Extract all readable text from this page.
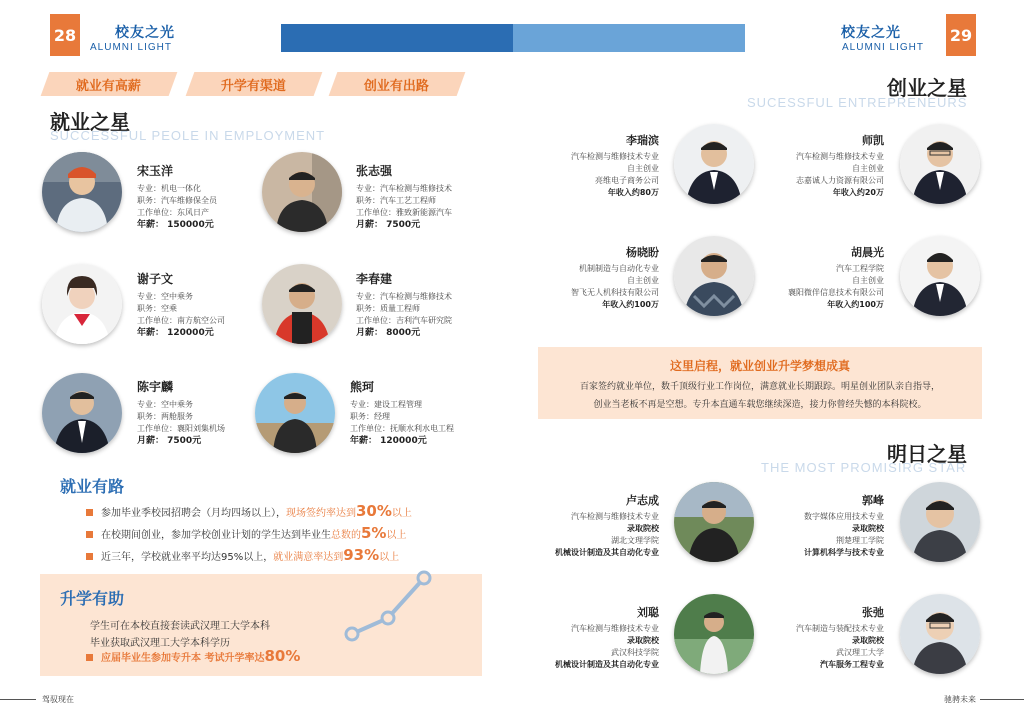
28	校友之光
ALUMNI LIGHT
校友之光
ALUMNI LIGHT
29
就业有高薪	升学有渠道	创业有出路
就业之星
SUCCESSFUL PEOLE IN EMPLOYMENT
宋玉洋
专业：机电一体化
职务：汽车维修保全员
工作单位：东风日产
年薪： 150000元
张志强
专业：汽车检测与维修技术
职务：汽车工艺工程师
工作单位：雅致新能源汽车
月薪： 7500元
谢子文
专业：空中乘务
职务：空乘
工作单位：南方航空公司
年薪： 120000元
李春建
专业：汽车检测与维修技术
职务：质量工程师
工作单位：吉利汽车研究院
月薪： 8000元
陈宇麟
专业：空中乘务
职务：两舱服务
工作单位：襄阳刘集机场
月薪： 7500元
熊珂
专业：建设工程管理
职务：经理
工作单位：抚顺水利水电工程
年薪： 120000元
就业有路
参加毕业季校园招聘会（月均四场以上）， 现场签约率达到 30% 以上
在校期间创业，参加学校创业计划的学生达到毕业生 总数的 5% 以上
近三年，学校就业率平均达95%以上， 就业满意率达到 93% 以上
升学有助
学生可在本校直接套读武汉理工大学本科
毕业获取武汉理工大学本科学历
应届毕业生参加专升本 考试升学率达 80%
创业之星
SUCESSFUL ENTREPRENEURS
李瑞滨
汽车检测与维修技术专业
自主创业
亮维电子商务公司
年收入约80万
师凯
汽车检测与维修技术专业
自主创业
志嘉诚人力资源有限公司
年收入约20万
杨晓盼
机制制造与自动化专业
自主创业
智飞无人机科技有限公司
年收入约100万
胡晨光
汽车工程学院
自主创业
襄阳微伴信息技术有限公司
年收入约100万
这里启程，就业创业升学梦想成真
百家签约就业单位，数千顶级行业工作岗位，满意就业长期跟踪。明星创业团队亲自指导，
创业当老板不再是空想。专升本直通车载您继续深造，接力你曾经失憾的本科院校。
明日之星
THE MOST PROMISIRG STAR
卢志成
汽车检测与维修技术专业
录取院校
湖北文理学院
机械设计制造及其自动化专业
郭峰
数字媒体应用技术专业
录取院校
荆楚理工学院
计算机科学与技术专业
刘聪
汽车检测与维修技术专业
录取院校
武汉科技学院
机械设计制造及其自动化专业
张弛
汽车制造与装配技术专业
录取院校
武汉理工大学
汽车服务工程专业
驾驭现在	驰骋未来
